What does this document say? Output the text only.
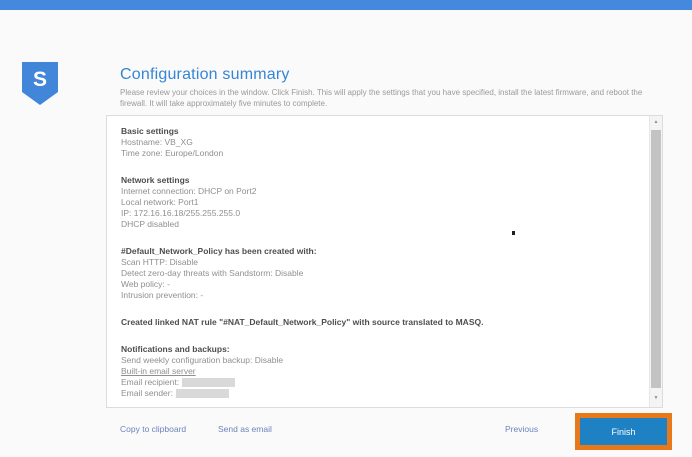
S	Configuration summary

Please review your choices in the window. Click Finish. This will apply the settings that you have specified, install the latest firmware, and reboot the firewall. It will take approximately five minutes to complete.

Basic settings
Hostname: VB_XG
Time zone: Europe/London
Network settings
Internet connection: DHCP on Port2
Local network: Port1
IP: 172.16.16.18/255.255.255.0
DHCP disabled
#Default_Network_Policy has been created with:
Scan HTTP: Disable
Detect zero-day threats with Sandstorm: Disable
Web policy: -
Intrusion prevention: -
Created linked NAT rule "#NAT_Default_Network_Policy" with source translated to MASQ.
Notifications and backups:
Send weekly configuration backup: Disable
Built-in email server
Email recipient:
Email sender:
▲
▼
Copy to clipboard	Send as email	Previous	Finish
